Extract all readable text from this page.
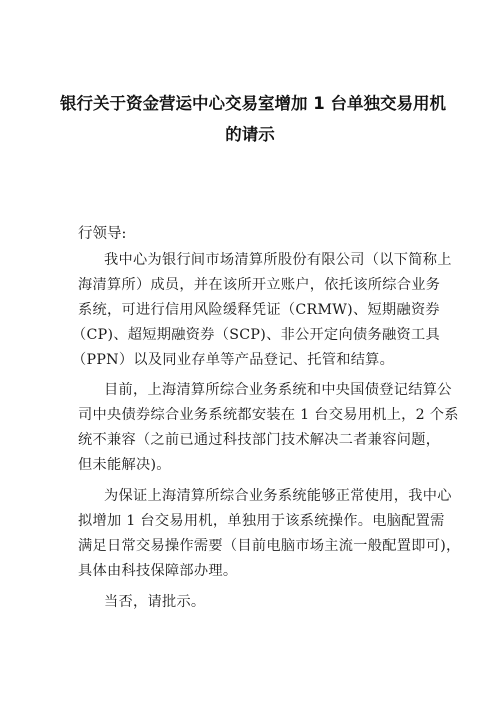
银行关于资金营运中心交易室增加 1 台单独交易用机
的请示
行领导:
我中心为银行间市场清算所股份有限公司（以下简称上
海清算所）成员，并在该所开立账户，依托该所综合业务
系统，可进行信用风险缓释凭证（CRMW)、短期融资券
（CP)、超短期融资券（SCP)、非公开定向债务融资工具
（PPN）以及同业存单等产品登记、托管和结算。
目前，上海清算所综合业务系统和中央国债登记结算公
司中央债券综合业务系统都安装在 1 台交易用机上，2 个系
统不兼容（之前已通过科技部门技术解决二者兼容问题，
但未能解决)。
为保证上海清算所综合业务系统能够正常使用，我中心
拟增加 1 台交易用机，单独用于该系统操作。电脑配置需
满足日常交易操作需要（目前电脑市场主流一般配置即可)，
具体由科技保障部办理。
当否，请批示。
